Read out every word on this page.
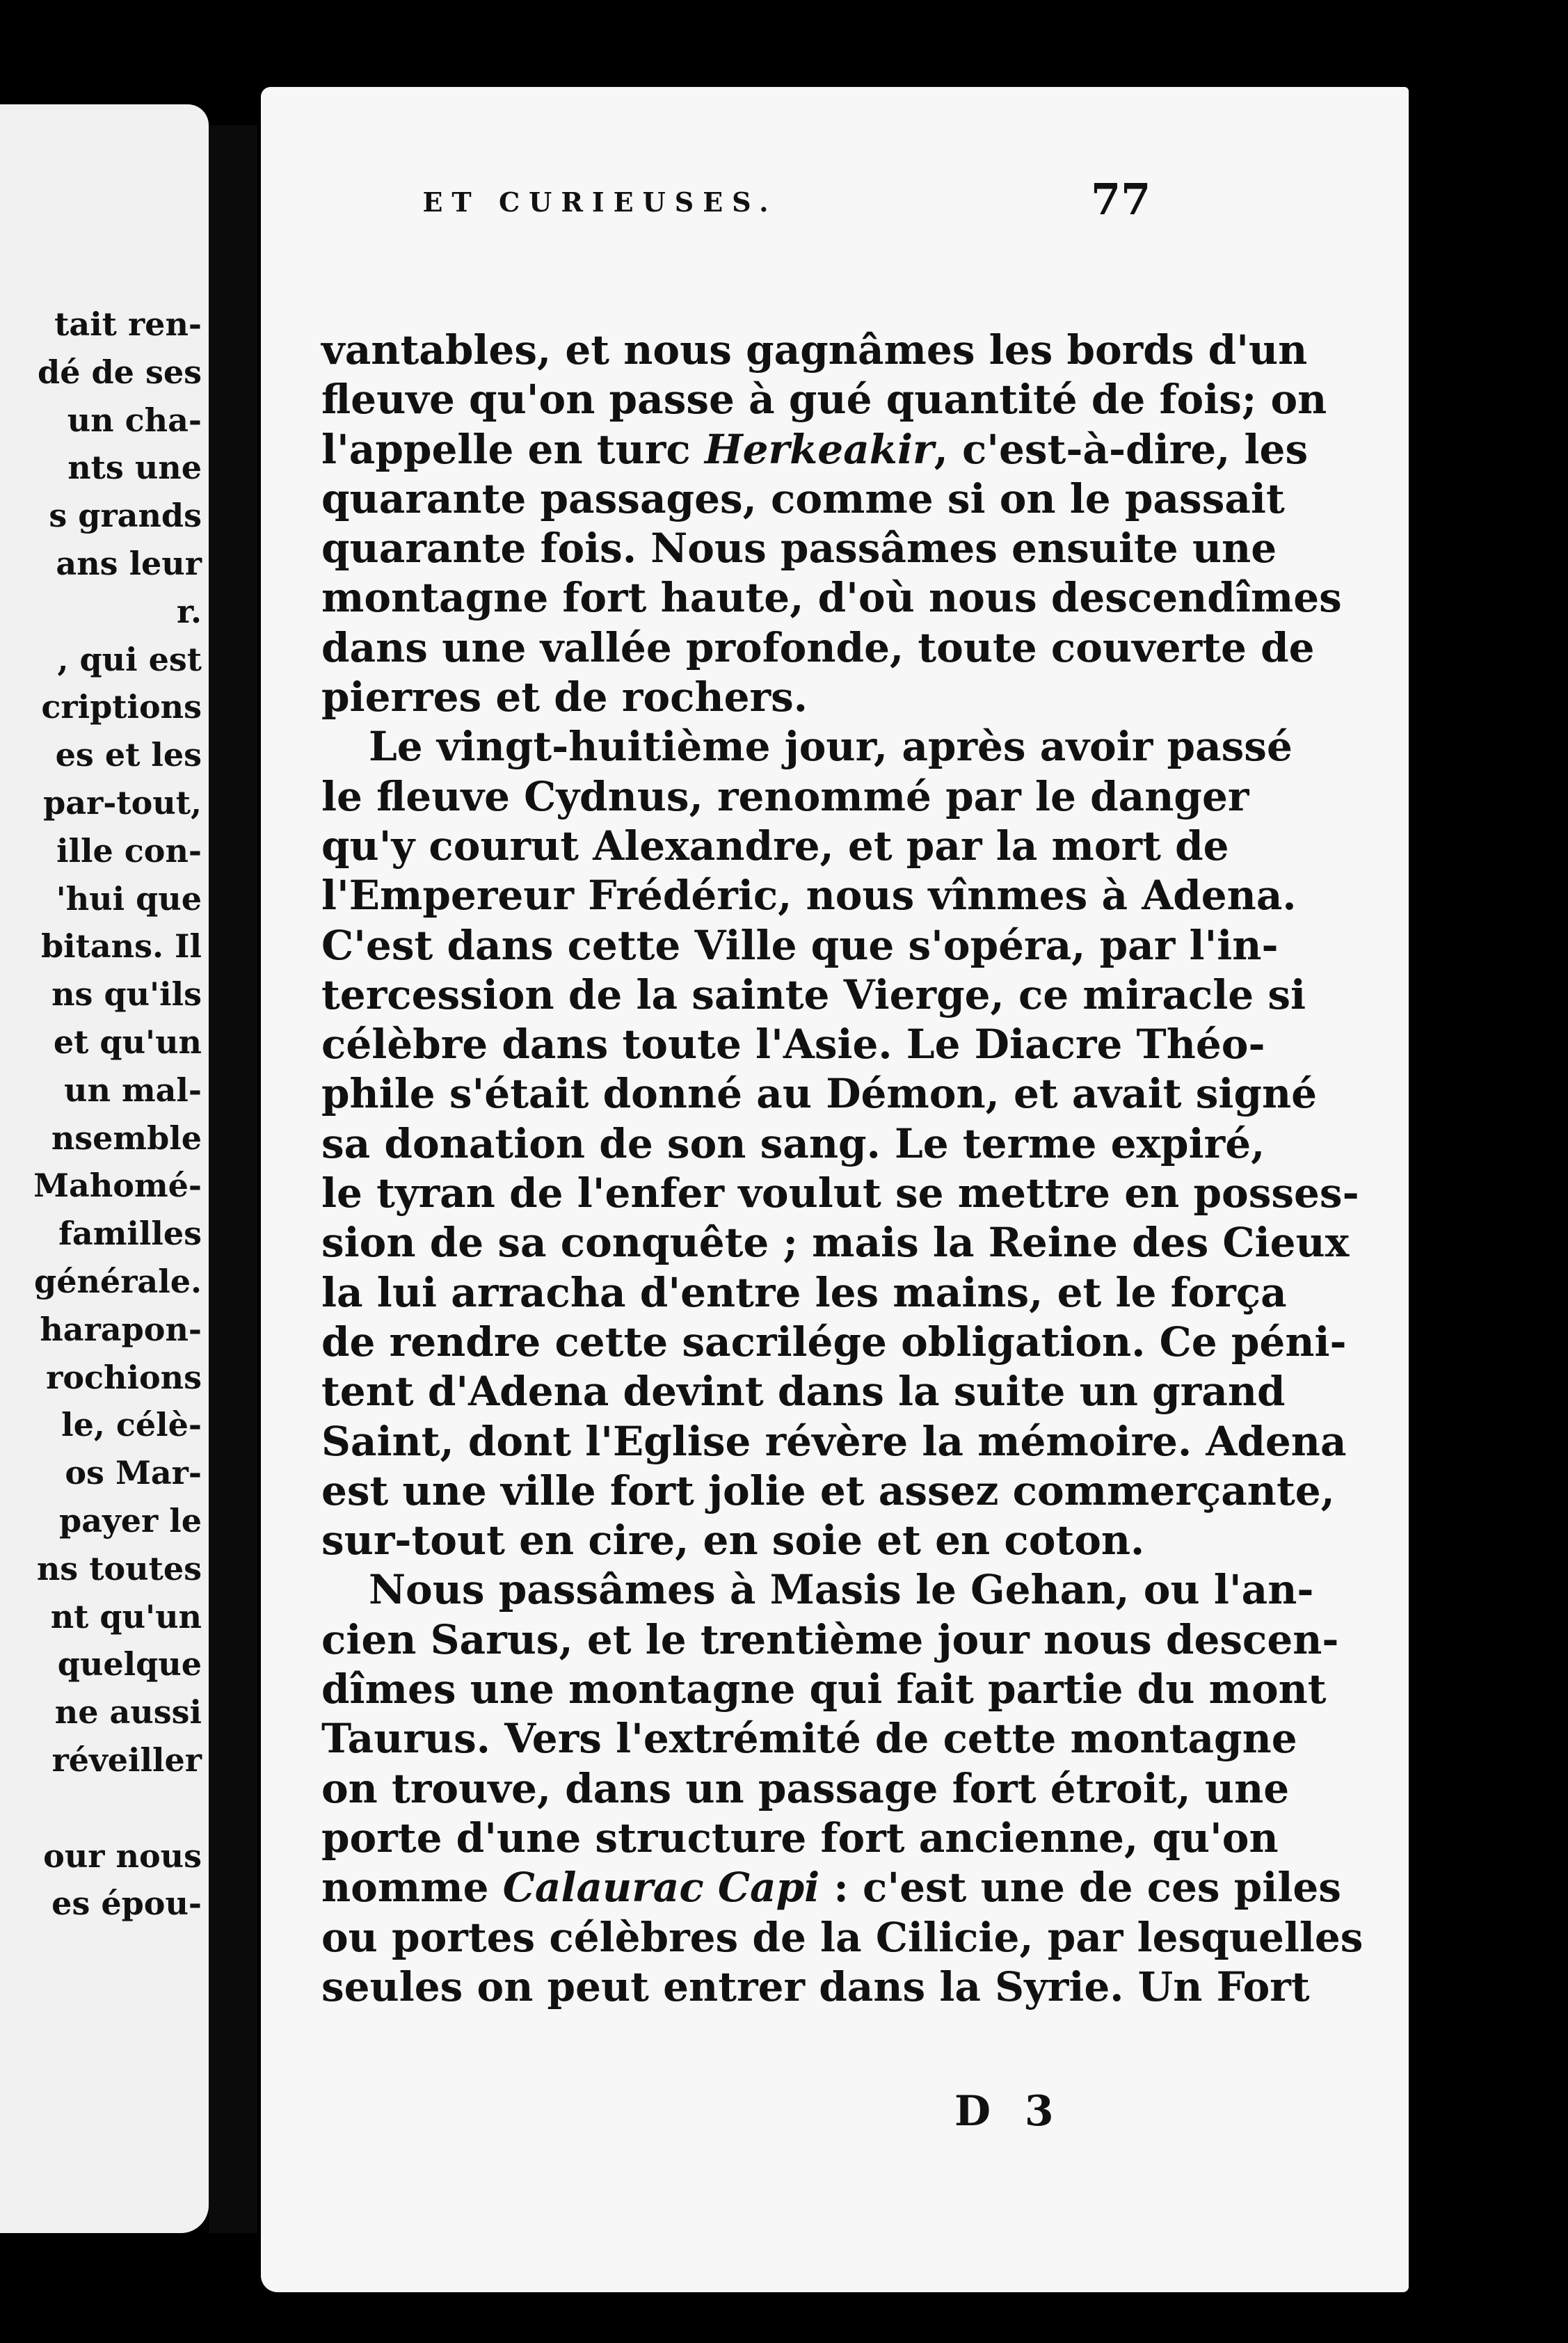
tait ren-
dé de ses
un cha-
nts une
s grands
ans leur
r.
, qui est
criptions
es et les
par-tout,
ille con-
'hui que
bitans. Il
ns qu'ils
et qu'un
un mal-
nsemble
Mahomé-
familles
générale.
harapon-
rochions
le, célè-
os Mar-
payer le
ns toutes
nt qu'un
quelque
ne aussi
réveiller
our nous
es épou-
ET CURIEUSES.	77
vantables, et nous gagnâmes les bords d'un
fleuve qu'on passe à gué quantité de fois; on
l'appelle en turc Herkeakir, c'est-à-dire, les
quarante passages, comme si on le passait
quarante fois. Nous passâmes ensuite une
montagne fort haute, d'où nous descendîmes
dans une vallée profonde, toute couverte de
pierres et de rochers.
Le vingt-huitième jour, après avoir passé
le fleuve Cydnus, renommé par le danger
qu'y courut Alexandre, et par la mort de
l'Empereur Frédéric, nous vînmes à Adena.
C'est dans cette Ville que s'opéra, par l'in-
tercession de la sainte Vierge, ce miracle si
célèbre dans toute l'Asie. Le Diacre Théo-
phile s'était donné au Démon, et avait signé
sa donation de son sang. Le terme expiré,
le tyran de l'enfer voulut se mettre en posses-
sion de sa conquête ; mais la Reine des Cieux
la lui arracha d'entre les mains, et le força
de rendre cette sacrilége obligation. Ce péni-
tent d'Adena devint dans la suite un grand
Saint, dont l'Eglise révère la mémoire. Adena
est une ville fort jolie et assez commerçante,
sur-tout en cire, en soie et en coton.
Nous passâmes à Masis le Gehan, ou l'an-
cien Sarus, et le trentième jour nous descen-
dîmes une montagne qui fait partie du mont
Taurus. Vers l'extrémité de cette montagne
on trouve, dans un passage fort étroit, une
porte d'une structure fort ancienne, qu'on
nomme Calaurac Capi : c'est une de ces piles
ou portes célèbres de la Cilicie, par lesquelles
seules on peut entrer dans la Syrie. Un Fort
D 3
